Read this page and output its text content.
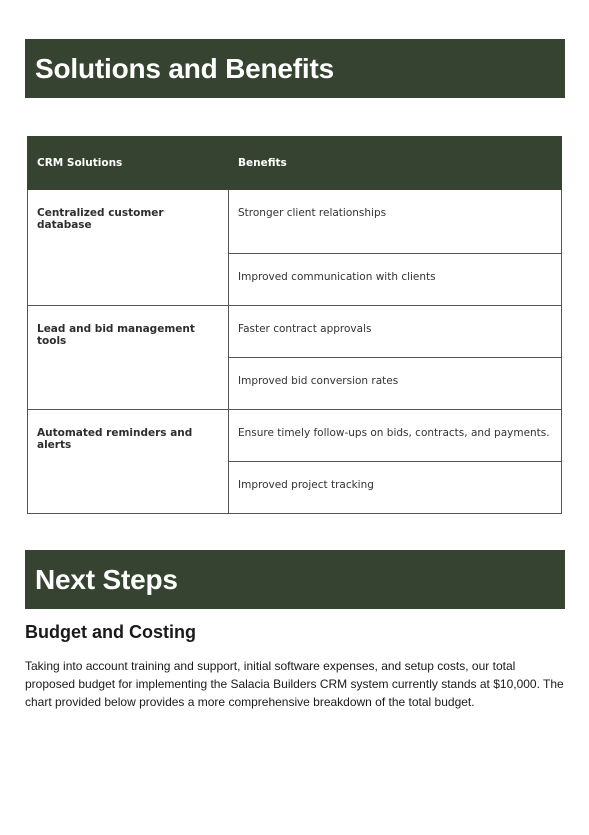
Solutions and Benefits
CRM Solutions	Benefits
Centralized customer database	Stronger client relationships
	Improved communication with clients
Lead and bid management tools	Faster contract approvals
	Improved bid conversion rates
Automated reminders and alerts	Ensure timely follow-ups on bids, contracts, and payments.
	Improved project tracking
Next Steps
Budget and Costing

Taking into account training and support, initial software expenses, and setup costs, our total proposed budget for implementing the Salacia Builders CRM system currently stands at $10,000. The chart provided below provides a more comprehensive breakdown of the total budget.
